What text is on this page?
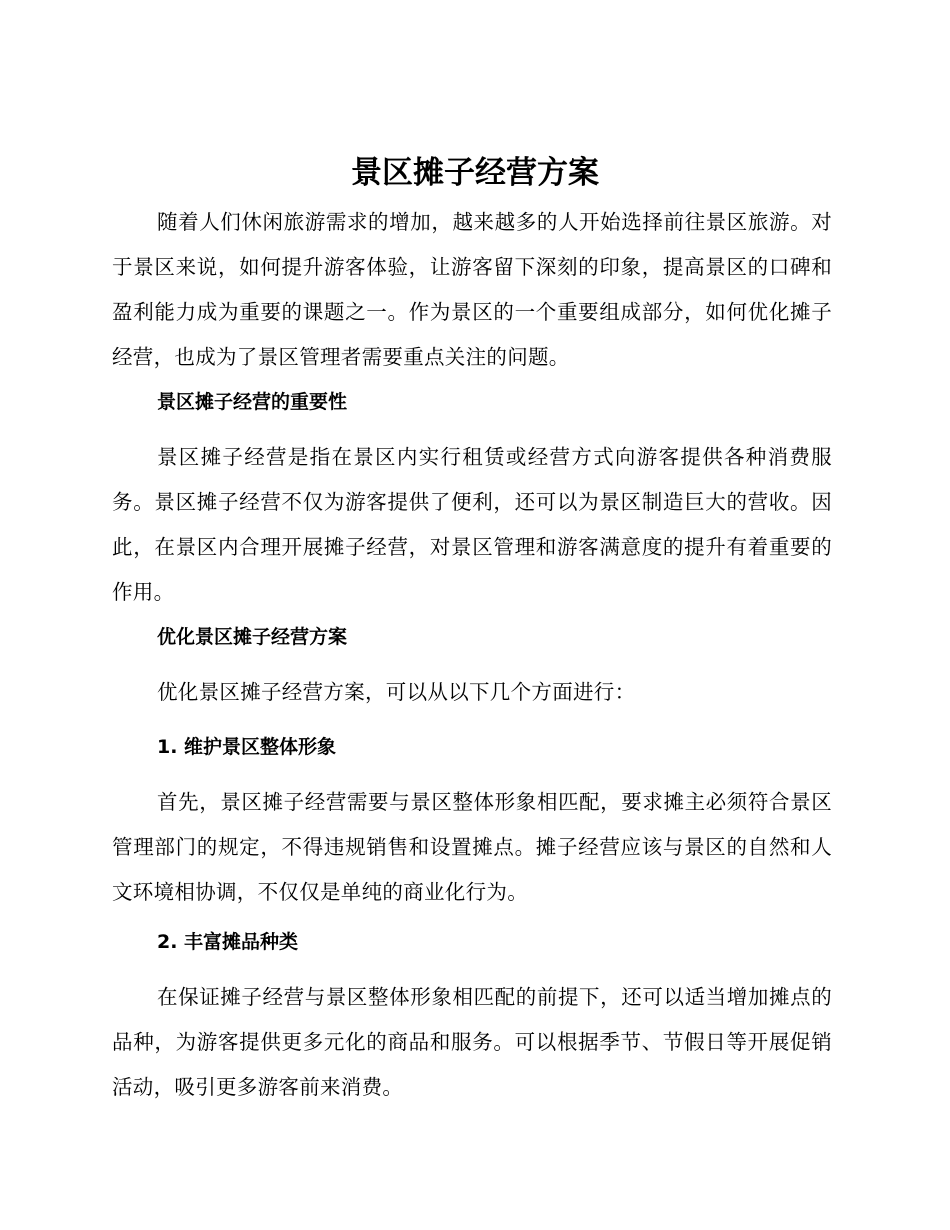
景区摊子经营方案

随着人们休闲旅游需求的增加，越来越多的人开始选择前往景区旅游。对于景区来说，如何提升游客体验，让游客留下深刻的印象，提高景区的口碑和盈利能力成为重要的课题之一。作为景区的一个重要组成部分，如何优化摊子经营，也成为了景区管理者需要重点关注的问题。

景区摊子经营的重要性

景区摊子经营是指在景区内实行租赁或经营方式向游客提供各种消费服务。景区摊子经营不仅为游客提供了便利，还可以为景区制造巨大的营收。因此，在景区内合理开展摊子经营，对景区管理和游客满意度的提升有着重要的作用。

优化景区摊子经营方案

优化景区摊子经营方案，可以从以下几个方面进行：

1. 维护景区整体形象

首先，景区摊子经营需要与景区整体形象相匹配，要求摊主必须符合景区管理部门的规定，不得违规销售和设置摊点。摊子经营应该与景区的自然和人文环境相协调，不仅仅是单纯的商业化行为。

2. 丰富摊品种类

在保证摊子经营与景区整体形象相匹配的前提下，还可以适当增加摊点的品种，为游客提供更多元化的商品和服务。可以根据季节、节假日等开展促销活动，吸引更多游客前来消费。
